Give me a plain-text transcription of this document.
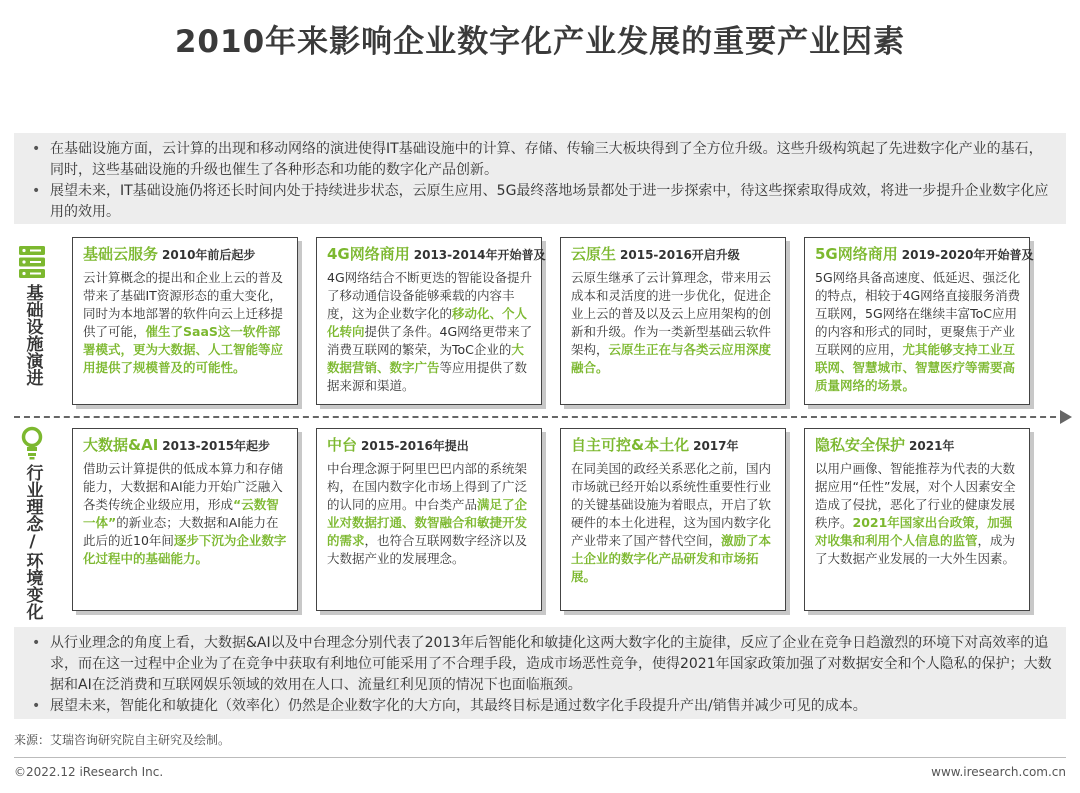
2010年来影响企业数字化产业发展的重要产业因素
• 在基础设施方面，云计算的出现和移动网络的演进使得IT基础设施中的计算、存储、传输三大板块得到了全方位升级。这些升级构筑起了先进数字化产业的基石，同时，这些基础设施的升级也催生了各种形态和功能的数字化产品创新。
• 展望未来，IT基础设施仍将还长时间内处于持续进步状态，云原生应用、5G最终落地场景都处于进一步探索中，待这些探索取得成效，将进一步提升企业数字化应用的效用。
基础设施演进
行业理念/环境变化
基础云服务 2010年前后起步
云计算概念的提出和企业上云的普及带来了基础IT资源形态的重大变化，同时为本地部署的软件向云上迁移提供了可能，催生了SaaS这一软件部署模式，更为大数据、人工智能等应用提供了规模普及的可能性。
4G网络商用 2013-2014年开始普及
4G网络结合不断更迭的智能设备提升了移动通信设备能够乘载的内容丰度，这为企业数字化的移动化、个人化转向提供了条件。4G网络更带来了消费互联网的繁荣，为ToC企业的大数据营销、数字广告等应用提供了数据来源和渠道。
云原生 2015-2016开启升级
云原生继承了云计算理念，带来用云成本和灵活度的进一步优化，促进企业上云的普及以及云上应用架构的创新和升级。作为一类新型基础云软件架构，云原生正在与各类云应用深度融合。
5G网络商用 2019-2020年开始普及
5G网络具备高速度、低延迟、强泛化的特点，相较于4G网络直接服务消费互联网，5G网络在继续丰富ToC应用的内容和形式的同时，更聚焦于产业互联网的应用，尤其能够支持工业互联网、智慧城市、智慧医疗等需要高质量网络的场景。
大数据&AI 2013-2015年起步
借助云计算提供的低成本算力和存储能力，大数据和AI能力开始广泛融入各类传统企业级应用，形成“云数智一体”的新业态；大数据和AI能力在此后的近10年间逐步下沉为企业数字化过程中的基础能力。
中台 2015-2016年提出
中台理念源于阿里巴巴内部的系统架构，在国内数字化市场上得到了广泛的认同的应用。中台类产品满足了企业对数据打通、数智融合和敏捷开发的需求，也符合互联网数字经济以及大数据产业的发展理念。
自主可控&本土化 2017年
在同美国的政经关系恶化之前，国内市场就已经开始以系统性重要性行业的关键基础设施为着眼点，开启了软硬件的本土化进程，这为国内数字化产业带来了国产替代空间，激励了本土企业的数字化产品研发和市场拓展。
隐私安全保护 2021年
以用户画像、智能推荐为代表的大数据应用“任性”发展，对个人因素安全造成了侵扰，恶化了行业的健康发展秩序。2021年国家出台政策，加强对收集和利用个人信息的监管，成为了大数据产业发展的一大外生因素。
• 从行业理念的角度上看，大数据&AI以及中台理念分别代表了2013年后智能化和敏捷化这两大数字化的主旋律，反应了企业在竞争日趋激烈的环境下对高效率的追求，而在这一过程中企业为了在竞争中获取有利地位可能采用了不合理手段，造成市场恶性竞争，使得2021年国家政策加强了对数据安全和个人隐私的保护；大数据和AI在泛消费和互联网娱乐领域的效用在人口、流量红利见顶的情况下也面临瓶颈。
• 展望未来，智能化和敏捷化（效率化）仍然是企业数字化的大方向，其最终目标是通过数字化手段提升产出/销售并减少可见的成本。
来源：艾瑞咨询研究院自主研究及绘制。
©2022.12 iResearch Inc.	www.iresearch.com.cn
